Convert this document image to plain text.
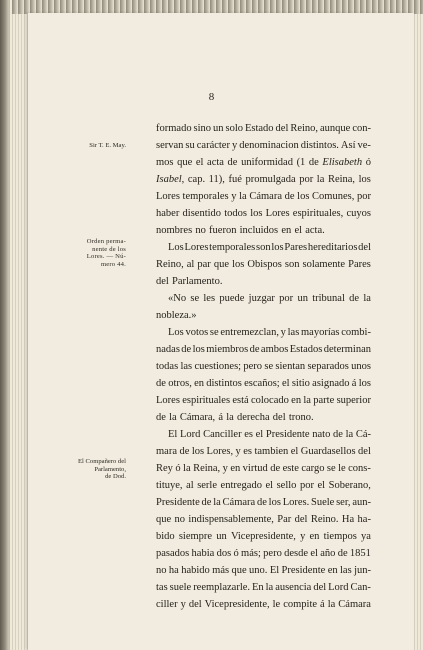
8
Sir T. E. May.

Orden perma-
nente de los
Lores. — Nú-
mero 44.

El Compañero del
Parlamento,
de Dod.

formado sino un solo Estado del Reino, aunque con-
servan su carácter y denominacion distintos. Así ve-
mos que el acta de uniformidad (1 de Elisabeth ó
Isabel, cap. 11), fué promulgada por la Reina, los
Lores temporales y la Cámara de los Comunes, por
haber disentido todos los Lores espirituales, cuyos
nombres no fueron incluidos en el acta.
Los Lores temporales son los Pares hereditarios del
Reino, al par que los Obispos son solamente Pares
del Parlamento.
«No se les puede juzgar por un tribunal de la
nobleza.»
Los votos se entremezclan, y las mayorías combi-
nadas de los miembros de ambos Estados determinan
todas las cuestiones; pero se sientan separados unos
de otros, en distintos escaños; el sitio asignado á los
Lores espirituales está colocado en la parte superior
de la Cámara, á la derecha del trono.
El Lord Canciller es el Presidente nato de la Cá-
mara de los Lores, y es tambien el Guardasellos del
Rey ó la Reina, y en virtud de este cargo se le cons-
tituye, al serle entregado el sello por el Soberano,
Presidente de la Cámara de los Lores. Suele ser, aun-
que no indispensablemente, Par del Reino. Ha ha-
bido siempre un Vicepresidente, y en tiempos ya
pasados habia dos ó más; pero desde el año de 1851
no ha habido más que uno. El Presidente en las jun-
tas suele reemplazarle. En la ausencia del Lord Can-
ciller y del Vicepresidente, le compite á la Cámara
